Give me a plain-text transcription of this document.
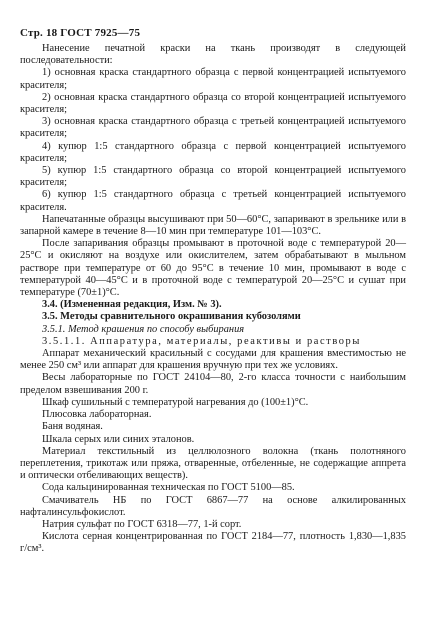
Стр. 18 ГОСТ 7925—75

Нанесение печатной краски на ткань производят в следующей последовательности:

1) основная краска стандартного образца с первой концентрацией испытуемого красителя;

2) основная краска стандартного образца со второй концентрацией испытуемого красителя;

3) основная краска стандартного образца с третьей концентрацией испытуемого красителя;

4) купюр 1:5 стандартного образца с первой концентрацией испытуемого красителя;

5) купюр 1:5 стандартного образца со второй концентрацией испытуемого красителя;

6) купюр 1:5 стандартного образца с третьей концентрацией испытуемого красителя.

Напечатанные образцы высушивают при 50—60°С, запаривают в зрельнике или в запарной камере в течение 8—10 мин при температуре 101—103°С.

После запаривания образцы промывают в проточной воде с температурой 20—25°С и окисляют на воздухе или окислителем, затем обрабатывают в мыльном растворе при температуре от 60 до 95°С в течение 10 мин, промывают в воде с температурой 40—45°С и в проточной воде с температурой 20—25°С и сушат при температуре (70±1)°С.

3.4. (Измененная редакция, Изм. № 3).

3.5. Методы сравнительного окрашивания кубозолями

3.5.1. Метод крашения по способу выбирания

3.5.1.1. Аппаратура, материалы, реактивы и растворы

Аппарат механический красильный с сосудами для крашения вместимостью не менее 250 см³ или аппарат для крашения вручную при тех же условиях.

Весы лабораторные по ГОСТ 24104—80, 2-го класса точности с наибольшим пределом взвешивания 200 г.

Шкаф сушильный с температурой нагревания до (100±1)°С.

Плюсовка лабораторная.

Баня водяная.

Шкала серых или синих эталонов.

Материал текстильный из целлюлозного волокна (ткань полотняного переплетения, трикотаж или пряжа, отваренные, отбеленные, не содержащие аппрета и оптически отбеливающих веществ).

Сода кальцинированная техническая по ГОСТ 5100—85.

Смачиватель НБ по ГОСТ 6867—77 на основе алкилированных нафталинсульфокислот.

Натрия сульфат по ГОСТ 6318—77, 1-й сорт.

Кислота серная концентрированная по ГОСТ 2184—77, плотность 1,830—1,835 г/см³.
